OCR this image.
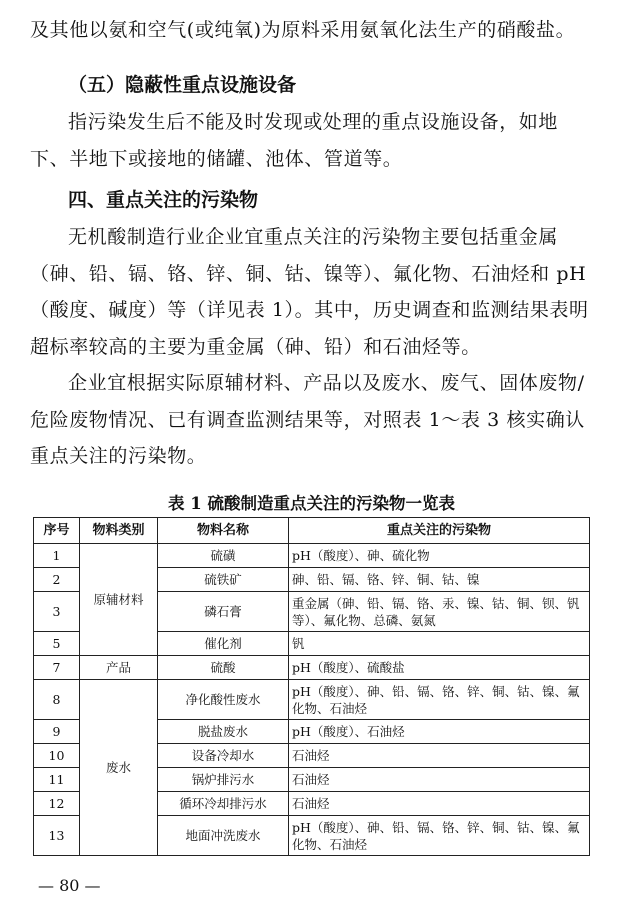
及其他以氨和空气(或纯氧)为原料采用氨氧化法生产的硝酸盐。

（五）隐蔽性重点设施设备

指污染发生后不能及时发现或处理的重点设施设备，如地下、半地下或接地的储罐、池体、管道等。

四、重点关注的污染物

无机酸制造行业企业宜重点关注的污染物主要包括重金属（砷、铅、镉、铬、锌、铜、钴、镍等）、氟化物、石油烃和 pH（酸度、碱度）等（详见表 1）。其中，历史调查和监测结果表明超标率较高的主要为重金属（砷、铅）和石油烃等。

企业宜根据实际原辅材料、产品以及废水、废气、固体废物/危险废物情况、已有调查监测结果等，对照表 1～表 3 核实确认重点关注的污染物。

表 1 硫酸制造重点关注的污染物一览表

序号	物料类别	物料名称	重点关注的污染物
1	原辅材料	硫磺	pH（酸度）、砷、硫化物
2		硫铁矿	砷、铅、镉、铬、锌、铜、钴、镍
3		磷石膏	重金属（砷、铅、镉、铬、汞、镍、钴、铜、钡、钒等）、氟化物、总磷、氨氮
5		催化剂	钒
7	产品	硫酸	pH（酸度）、硫酸盐
8	废水	净化酸性废水	pH（酸度）、砷、铅、镉、铬、锌、铜、钴、镍、氟化物、石油烃
9		脱盐废水	pH（酸度）、石油烃
10		设备冷却水	石油烃
11		锅炉排污水	石油烃
12		循环冷却排污水	石油烃
13		地面冲洗废水	pH（酸度）、砷、铅、镉、铬、锌、铜、钴、镍、氟化物、石油烃

— 80 —
